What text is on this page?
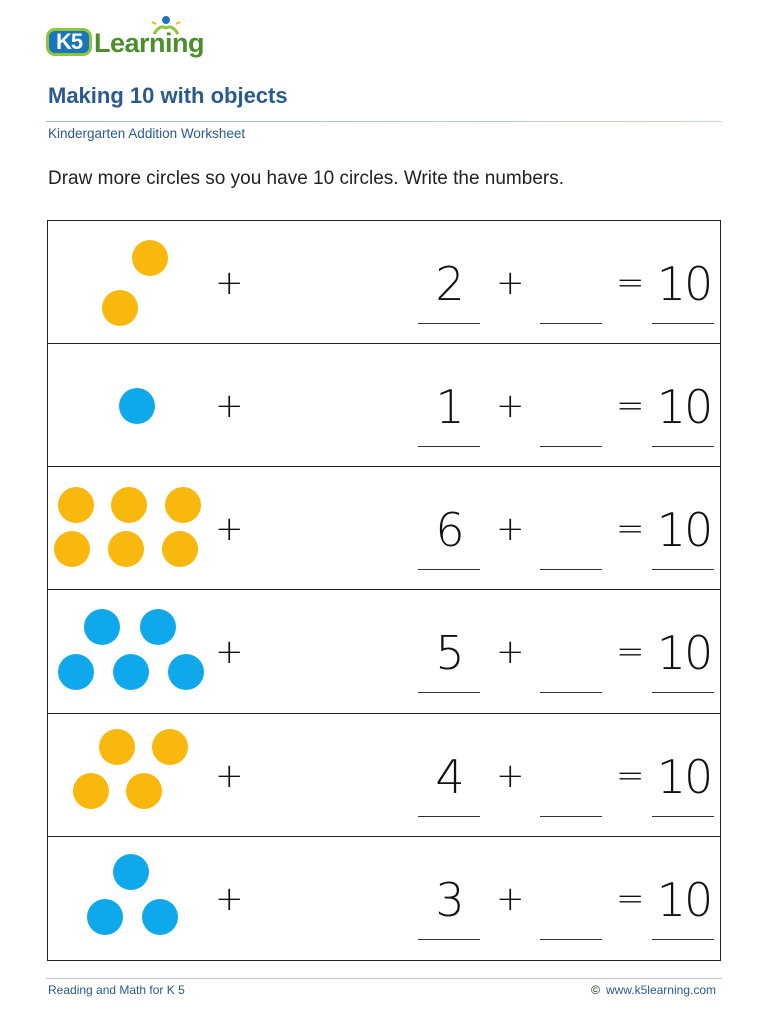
K5 Learning
Making 10 with objects
Kindergarten Addition Worksheet
Draw more circles so you have 10 circles. Write the numbers.
+	2 +	= 10
+	1 +	= 10
+	6 +	= 10
+	5 +	= 10
+	4 +	= 10
+	3 +	= 10
Reading and Math for K 5	© www.k5learning.com
